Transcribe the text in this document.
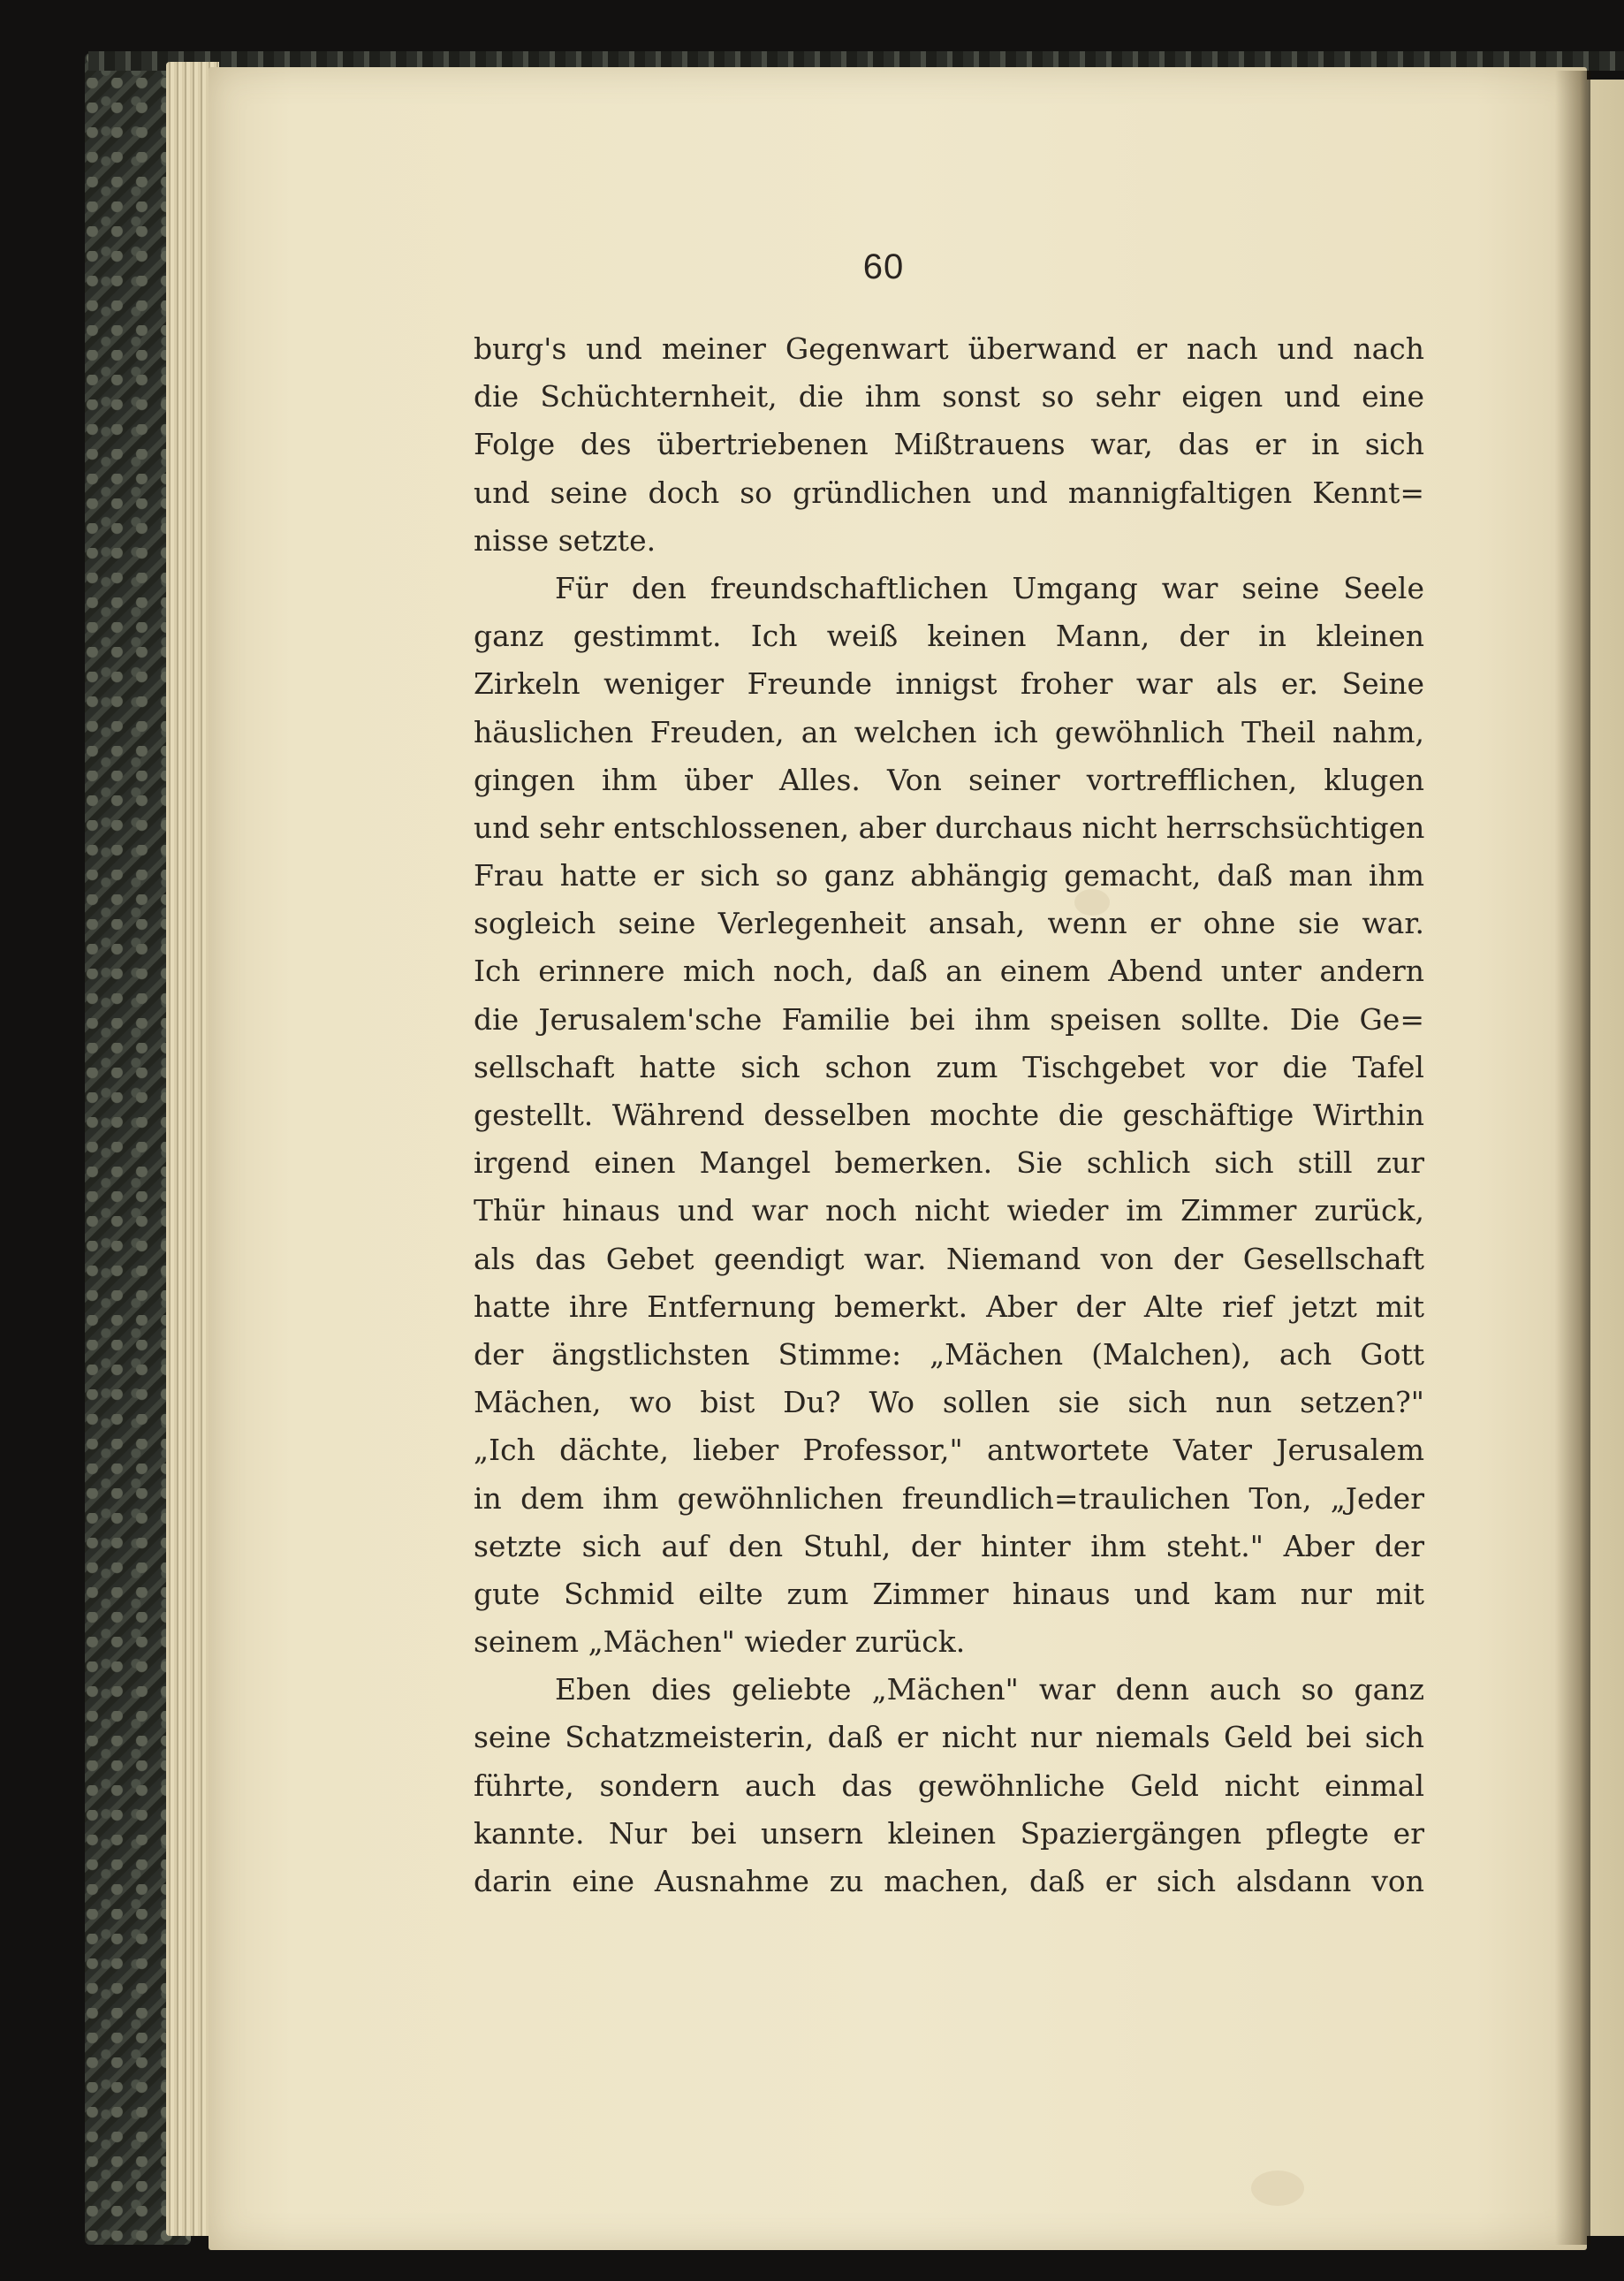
60
burg's und meiner Gegenwart überwand er nach und nach
die Schüchternheit, die ihm sonst so sehr eigen und eine
Folge des übertriebenen Mißtrauens war, das er in sich
und seine doch so gründlichen und mannigfaltigen Kennt=
nisse setzte.
Für den freundschaftlichen Umgang war seine Seele
ganz gestimmt. Ich weiß keinen Mann, der in kleinen
Zirkeln weniger Freunde innigst froher war als er. Seine
häuslichen Freuden, an welchen ich gewöhnlich Theil nahm,
gingen ihm über Alles. Von seiner vortrefflichen, klugen
und sehr entschlossenen, aber durchaus nicht herrschsüchtigen
Frau hatte er sich so ganz abhängig gemacht, daß man ihm
sogleich seine Verlegenheit ansah, wenn er ohne sie war.
Ich erinnere mich noch, daß an einem Abend unter andern
die Jerusalem'sche Familie bei ihm speisen sollte. Die Ge=
sellschaft hatte sich schon zum Tischgebet vor die Tafel
gestellt. Während desselben mochte die geschäftige Wirthin
irgend einen Mangel bemerken. Sie schlich sich still zur
Thür hinaus und war noch nicht wieder im Zimmer zurück,
als das Gebet geendigt war. Niemand von der Gesellschaft
hatte ihre Entfernung bemerkt. Aber der Alte rief jetzt mit
der ängstlichsten Stimme: „Mächen (Malchen), ach Gott
Mächen, wo bist Du? Wo sollen sie sich nun setzen?"
„Ich dächte, lieber Professor," antwortete Vater Jerusalem
in dem ihm gewöhnlichen freundlich=traulichen Ton, „Jeder
setzte sich auf den Stuhl, der hinter ihm steht." Aber der
gute Schmid eilte zum Zimmer hinaus und kam nur mit
seinem „Mächen" wieder zurück.
Eben dies geliebte „Mächen" war denn auch so ganz
seine Schatzmeisterin, daß er nicht nur niemals Geld bei sich
führte, sondern auch das gewöhnliche Geld nicht einmal
kannte. Nur bei unsern kleinen Spaziergängen pflegte er
darin eine Ausnahme zu machen, daß er sich alsdann von
